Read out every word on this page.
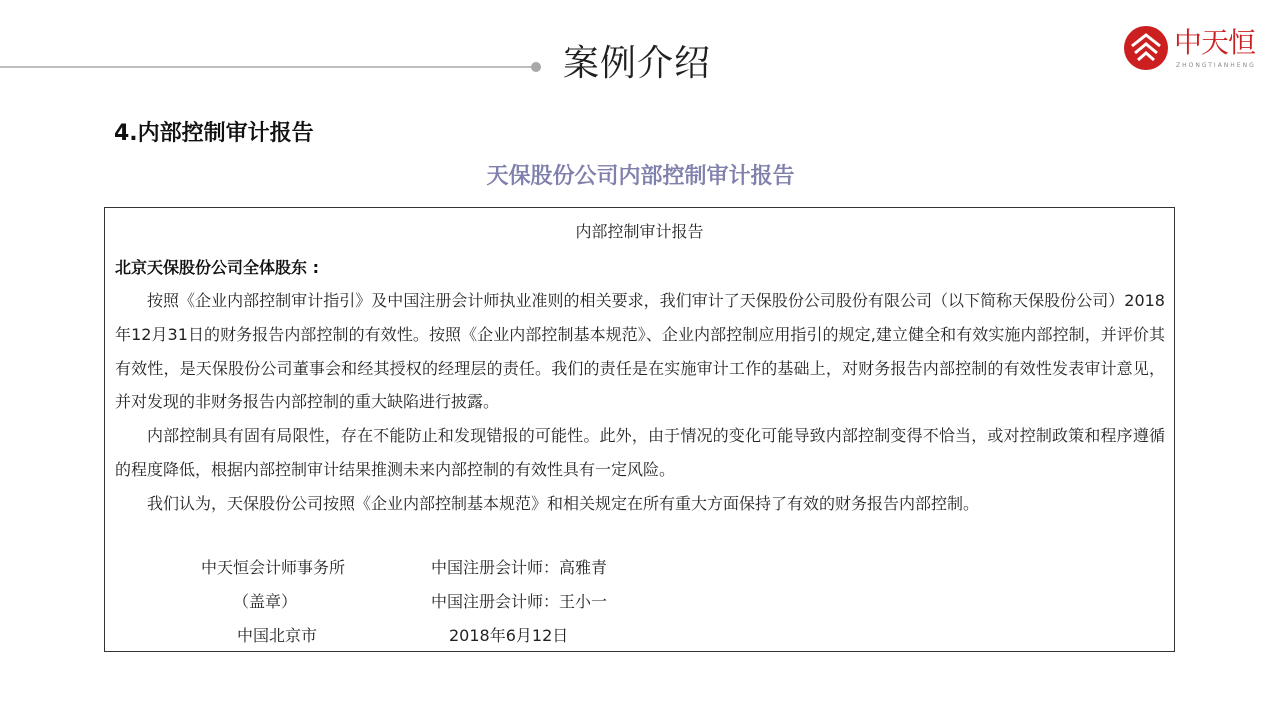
案例介绍
中天恒
ZHONGTIANHENG
4.内部控制审计报告
天保股份公司内部控制审计报告
内部控制审计报告
北京天保股份公司全体股东 :

按照《企业内部控制审计指引》及中国注册会计师执业准则的相关要求，我们审计了天保股份公司股份有限公司（以下简称天保股份公司）2018年12月31日的财务报告内部控制的有效性。按照《企业内部控制基本规范》、企业内部控制应用指引的规定,建立健全和有效实施内部控制，并评价其有效性，是天保股份公司董事会和经其授权的经理层的责任。我们的责任是在实施审计工作的基础上，对财务报告内部控制的有效性发表审计意见，并对发现的非财务报告内部控制的重大缺陷进行披露。

内部控制具有固有局限性，存在不能防止和发现错报的可能性。此外，由于情况的变化可能导致内部控制变得不恰当，或对控制政策和程序遵循的程度降低，根据内部控制审计结果推测未来内部控制的有效性具有一定风险。

我们认为，天保股份公司按照《企业内部控制基本规范》和相关规定在所有重大方面保持了有效的财务报告内部控制。

中天恒会计师事务所
（盖章）
中国北京市
中国注册会计师：高雅青
中国注册会计师：王小一
2018年6月12日
